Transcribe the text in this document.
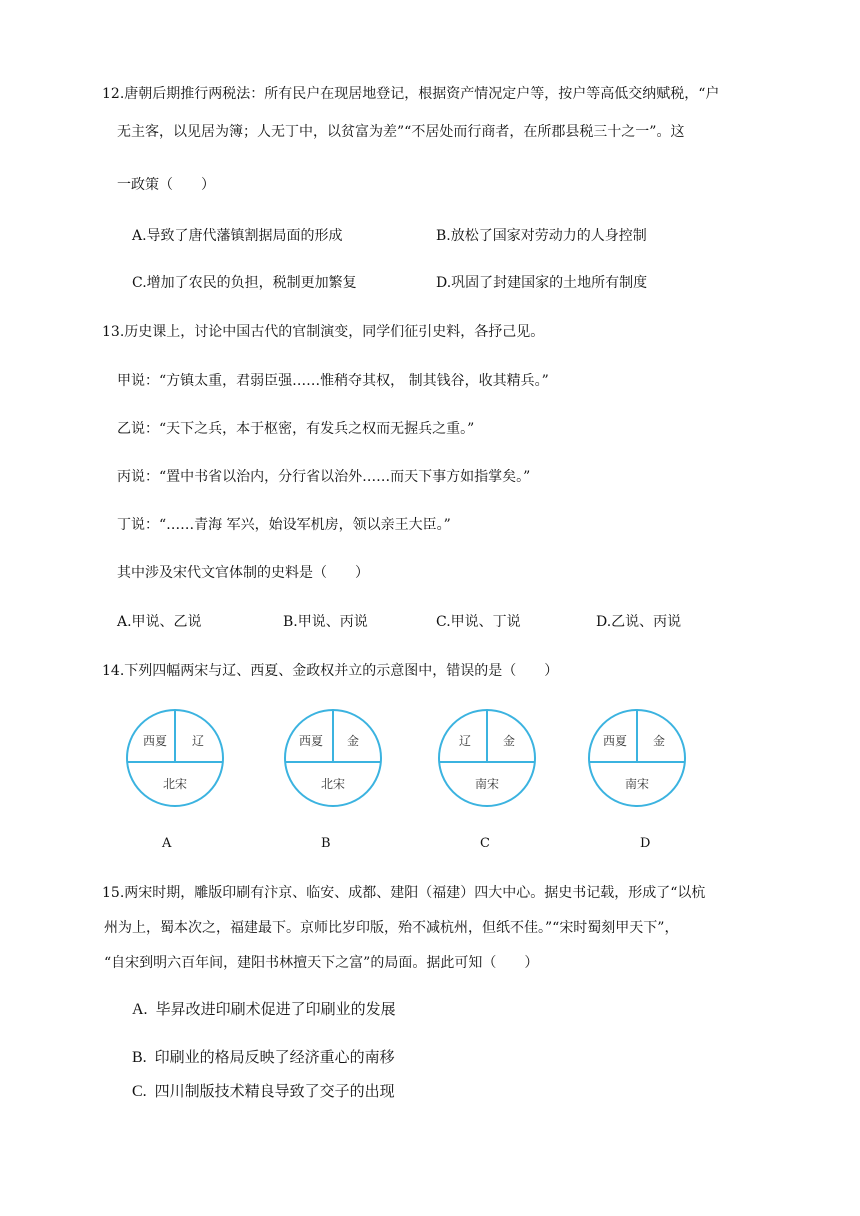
12.唐朝后期推行两税法：所有民户在现居地登记，根据资产情况定户等，按户等高低交纳赋税，“户
无主客，以见居为簿；人无丁中，以贫富为差”“不居处而行商者，在所郡县税三十之一”。这
一政策（　　）
A.导致了唐代藩镇割据局面的形成	B.放松了国家对劳动力的人身控制
C.增加了农民的负担，税制更加繁复	D.巩固了封建国家的土地所有制度
13.历史课上，讨论中国古代的官制演变，同学们征引史料，各抒己见。
甲说：“方镇太重，君弱臣强……惟稍夺其权， 制其钱谷，收其精兵。”
乙说：“天下之兵，本于枢密，有发兵之权而无握兵之重。”
丙说：“置中书省以治内，分行省以治外……而天下事方如指掌矣。”
丁说：“……青海 军兴，始设军机房，领以亲王大臣。”
其中涉及宋代文官体制的史料是（　　）
A.甲说、乙说	B.甲说、丙说	C.甲说、丁说	D.乙说、丙说
14.下列四幅两宋与辽、西夏、金政权并立的示意图中，错误的是（　　）
西夏 辽
北宋
A
西夏 金
北宋
B
辽	金
南宋
C
西夏 金
南宋
D
15.两宋时期，雕版印刷有汴京、临安、成都、建阳（福建）四大中心。据史书记载，形成了“以杭
州为上，蜀本次之，福建最下。京师比岁印版，殆不减杭州，但纸不佳。”“宋时蜀刻甲天下”，
“自宋到明六百年间，建阳书林擅天下之富”的局面。据此可知（　　）
A. 毕昇改进印刷术促进了印刷业的发展
B. 印刷业的格局反映了经济重心的南移
C. 四川制版技术精良导致了交子的出现
